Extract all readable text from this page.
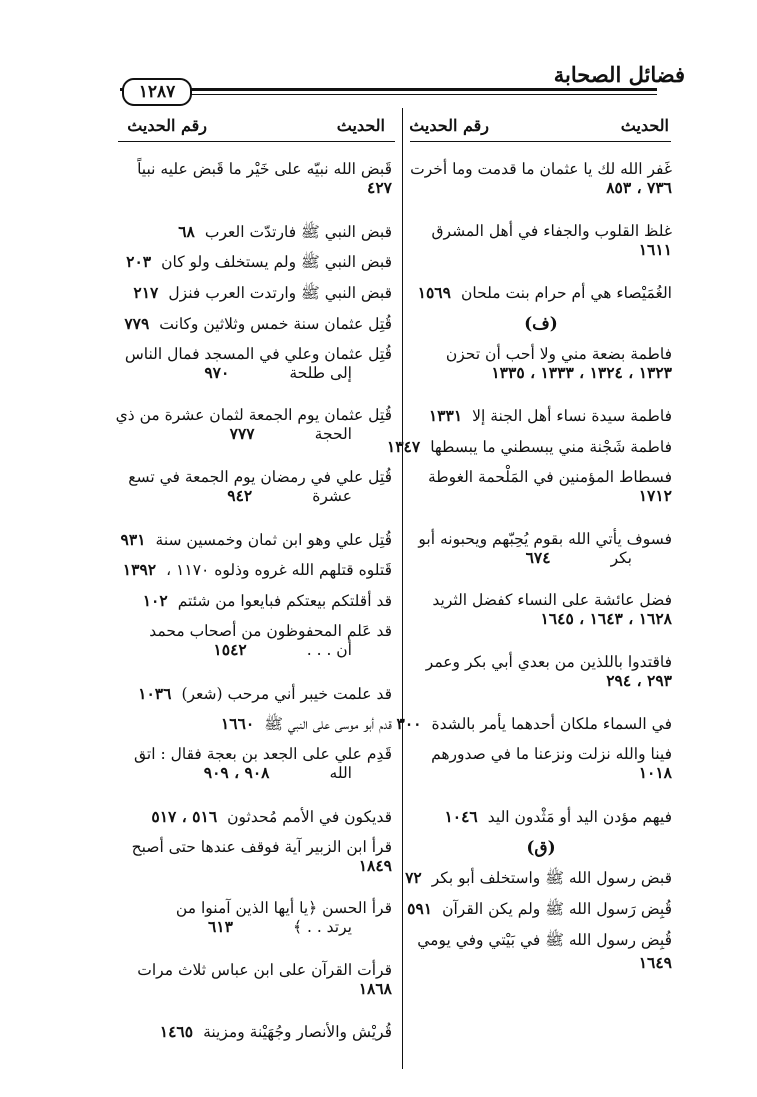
فضائل الصحابة
١٢٨٧
الحديث
رقم الحديث
الحديث
رقم الحديث
غَفر الله لك يا عثمان ما قدمت وما أخرت
٧٣٦ ، ٨٥٣
غلظ القلوب والجفاء في أهل المشرق
١٦١١
الغُمَيْصاء هي أم حرام بنت ملحان١٥٦٩
(ف)
فاطمة بضعة مني ولا أحب أن تحزن
١٣٢٣ ، ١٣٢٤ ، ١٣٣٣ ، ١٣٣٥
فاطمة سيدة نساء أهل الجنة إلا١٣٣١
فاطمة شَجْنة مني يبسطني ما يبسطها١٣٤٧
فسطاط المؤمنين في المَلْحمة الغوطة
١٧١٢
فسوف يأتي الله بقوم يُحِبّهم ويحبونه أبو
بكر٦٧٤
فضل عائشة على النساء كفضل الثريد
١٦٢٨ ، ١٦٤٣ ، ١٦٤٥
فاقتدوا باللذين من بعدي أبي بكر وعمر
٢٩٣ ، ٢٩٤
في السماء ملكان أحدهما يأمر بالشدة٣٠٠
فينا والله نزلت ونزعنا ما في صدورهم
١٠١٨
فيهم مؤدن اليد أو مَثْدون اليد١٠٤٦
(ق)
قبض رسول الله ﷺ واستخلف أبو بكر٧٢
قُبِض رَسول الله ﷺ ولم يكن القرآن٥٩١
قُبِض رسول الله ﷺ في بَيْتي وفي يومي
١٦٤٩
قَبض الله نبيّه على خَيْر ما قَبض عليه نبياً
٤٢٧
قبض النبي ﷺ فارتدّت العرب٦٨
قبض النبي ﷺ ولم يستخلف ولو كان٢٠٣
قبض النبي ﷺ وارتدت العرب فنزل٢١٧
قُتِل عثمان سنة خمس وثلاثين وكانت٧٧٩
قُتِل عثمان وعلي في المسجد فمال الناس
إلى طلحة٩٧٠
قُتِل عثمان يوم الجمعة لثمان عشرة من ذي
الحجة٧٧٧
قُتِل علي في رمضان يوم الجمعة في تسع
عشرة٩٤٢
قُتِل علي وهو ابن ثمان وخمسين سنة٩٣١
قَتلوه قتلهم الله غروه وذلوه ١١٧٠ ،١٣٩٢
قد أقلتكم بيعتكم فبايعوا من شئتم١٠٢
قد عَلم المحفوظون من أصحاب محمد
أن . . .١٥٤٢
قد علمت خيبر أني مرحب (شعر)١٠٣٦
قدم أبو موسى على النبي ﷺ١٦٦٠
قَدِم علي على الجعد بن بعجة فقال : اتق
الله٩٠٨ ، ٩٠٩
قديكون في الأمم مُحدثون٥١٦ ، ٥١٧
قرأ ابن الزبير آية فوقف عندها حتى أصبح
١٨٤٩
قرأ الحسن ﴿يا أيها الذين آمنوا من
يرتد . . ﴾٦١٣
قرأت القرآن على ابن عباس ثلاث مرات
١٨٦٨
قُريْش والأنصار وجُهَيْنة ومزينة١٤٦٥
